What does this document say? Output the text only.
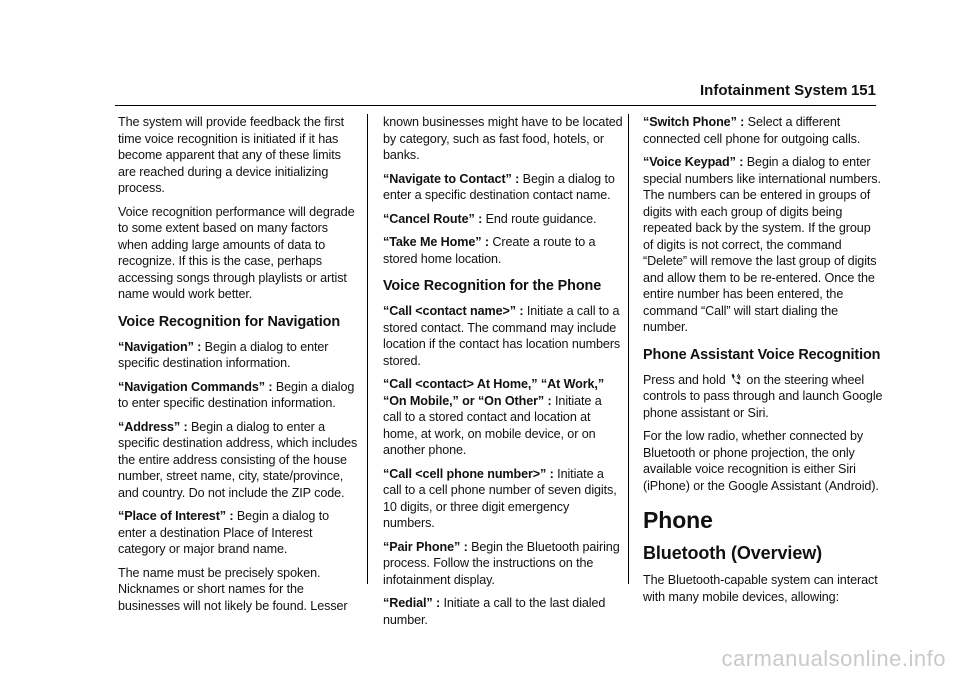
Infotainment System 151

The system will provide feedback the first time voice recognition is initiated if it has become apparent that any of these limits are reached during a device initializing process.

Voice recognition performance will degrade to some extent based on many factors when adding large amounts of data to recognize. If this is the case, perhaps accessing songs through playlists or artist name would work better.

Voice Recognition for Navigation

“Navigation” : Begin a dialog to enter specific destination information.

“Navigation Commands” : Begin a dialog to enter specific destination information.

“Address” : Begin a dialog to enter a specific destination address, which includes the entire address consisting of the house number, street name, city, state/province, and country. Do not include the ZIP code.

“Place of Interest” : Begin a dialog to enter a destination Place of Interest category or major brand name.

The name must be precisely spoken. Nicknames or short names for the businesses will not likely be found. Lesser

known businesses might have to be located by category, such as fast food, hotels, or banks.

“Navigate to Contact” : Begin a dialog to enter a specific destination contact name.

“Cancel Route” : End route guidance.

“Take Me Home” : Create a route to a stored home location.

Voice Recognition for the Phone

“Call <contact name>” : Initiate a call to a stored contact. The command may include location if the contact has location numbers stored.

“Call <contact> At Home,” “At Work,” “On Mobile,” or “On Other” : Initiate a call to a stored contact and location at home, at work, on mobile device, or on another phone.

“Call <cell phone number>” : Initiate a call to a cell phone number of seven digits, 10 digits, or three digit emergency numbers.

“Pair Phone” : Begin the Bluetooth pairing process. Follow the instructions on the infotainment display.

“Redial” : Initiate a call to the last dialed number.

“Switch Phone” : Select a different connected cell phone for outgoing calls.

“Voice Keypad” : Begin a dialog to enter special numbers like international numbers. The numbers can be entered in groups of digits with each group of digits being repeated back by the system. If the group of digits is not correct, the command “Delete” will remove the last group of digits and allow them to be re-entered. Once the entire number has been entered, the command “Call” will start dialing the number.

Phone Assistant Voice Recognition

Press and hold  on the steering wheel controls to pass through and launch Google phone assistant or Siri.

For the low radio, whether connected by Bluetooth or phone projection, the only available voice recognition is either Siri (iPhone) or the Google Assistant (Android).

Phone
Bluetooth (Overview)

The Bluetooth-capable system can interact with many mobile devices, allowing:

carmanualsonline.info
